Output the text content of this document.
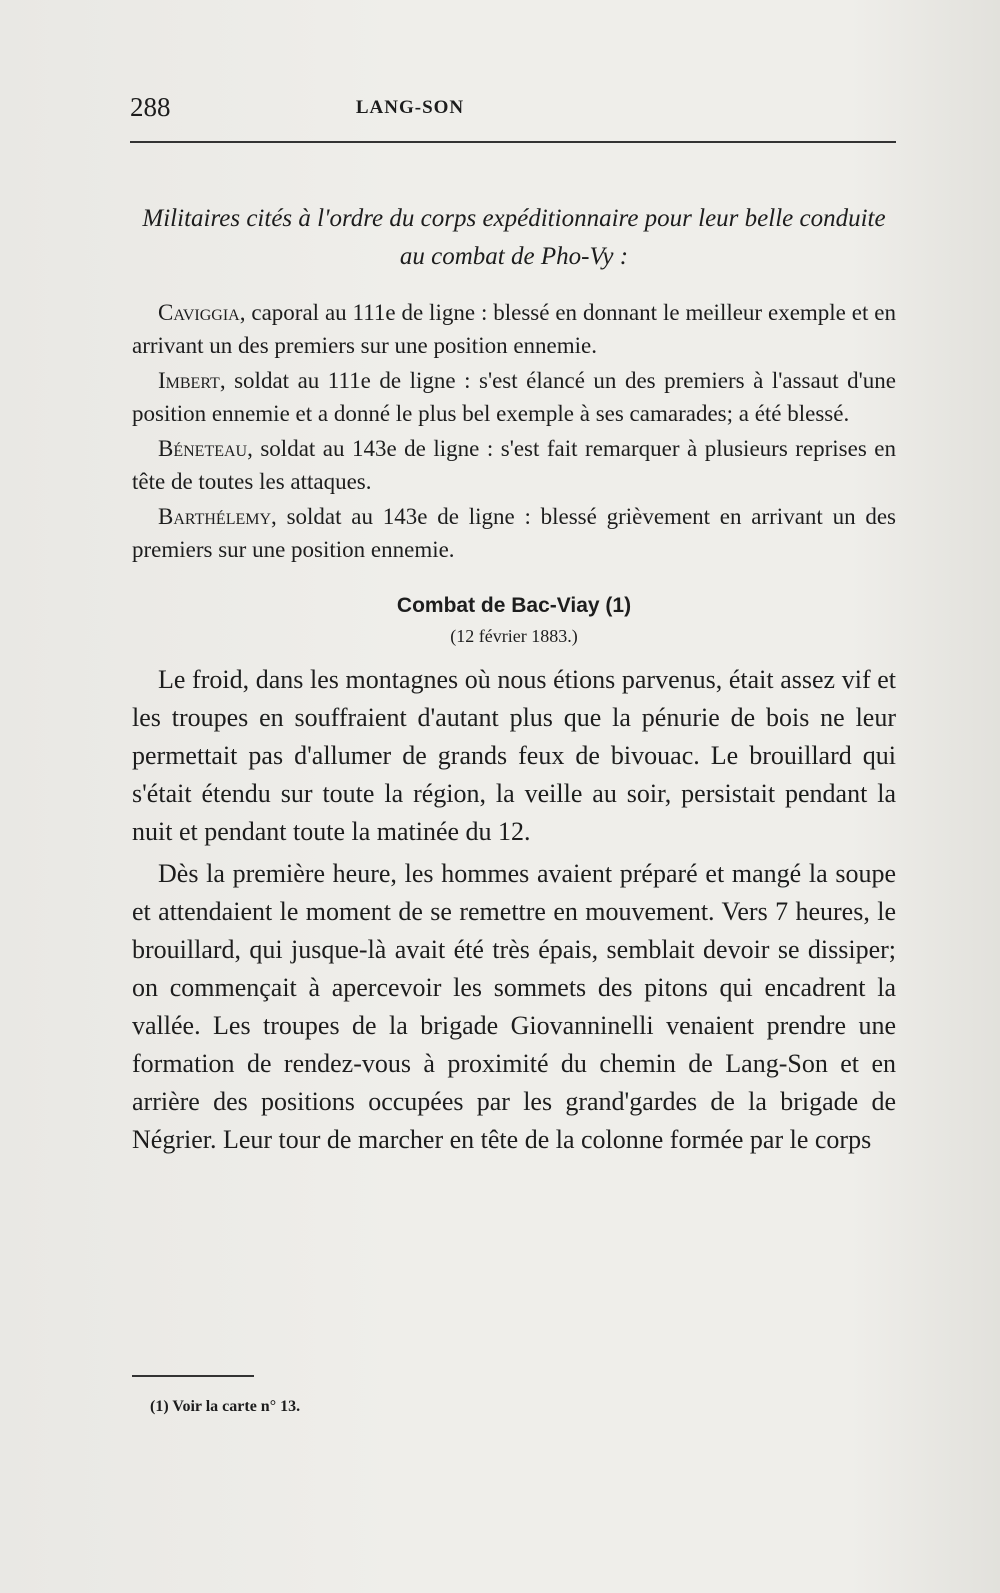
288	LANG-SON

Militaires cités à l'ordre du corps expéditionnaire pour leur belle conduite au combat de Pho-Vy :

Caviggia, caporal au 111e de ligne : blessé en donnant le meilleur exemple et en arrivant un des premiers sur une position ennemie.

Imbert, soldat au 111e de ligne : s'est élancé un des premiers à l'assaut d'une position ennemie et a donné le plus bel exemple à ses camarades; a été blessé.

Béneteau, soldat au 143e de ligne : s'est fait remarquer à plusieurs reprises en tête de toutes les attaques.

Barthélemy, soldat au 143e de ligne : blessé grièvement en arrivant un des premiers sur une position ennemie.

Combat de Bac-Viay (1)
(12 février 1883.)

Le froid, dans les montagnes où nous étions parvenus, était assez vif et les troupes en souffraient d'autant plus que la pénurie de bois ne leur permettait pas d'allumer de grands feux de bivouac. Le brouillard qui s'était étendu sur toute la région, la veille au soir, persistait pendant la nuit et pendant toute la matinée du 12.

Dès la première heure, les hommes avaient préparé et mangé la soupe et attendaient le moment de se remettre en mouvement. Vers 7 heures, le brouillard, qui jusque-là avait été très épais, semblait devoir se dissiper; on commençait à apercevoir les sommets des pitons qui encadrent la vallée. Les troupes de la brigade Giovanninelli venaient prendre une formation de rendez-vous à proximité du chemin de Lang-Son et en arrière des positions occupées par les grand'gardes de la brigade de Négrier. Leur tour de marcher en tête de la colonne formée par le corps

(1) Voir la carte n° 13.
